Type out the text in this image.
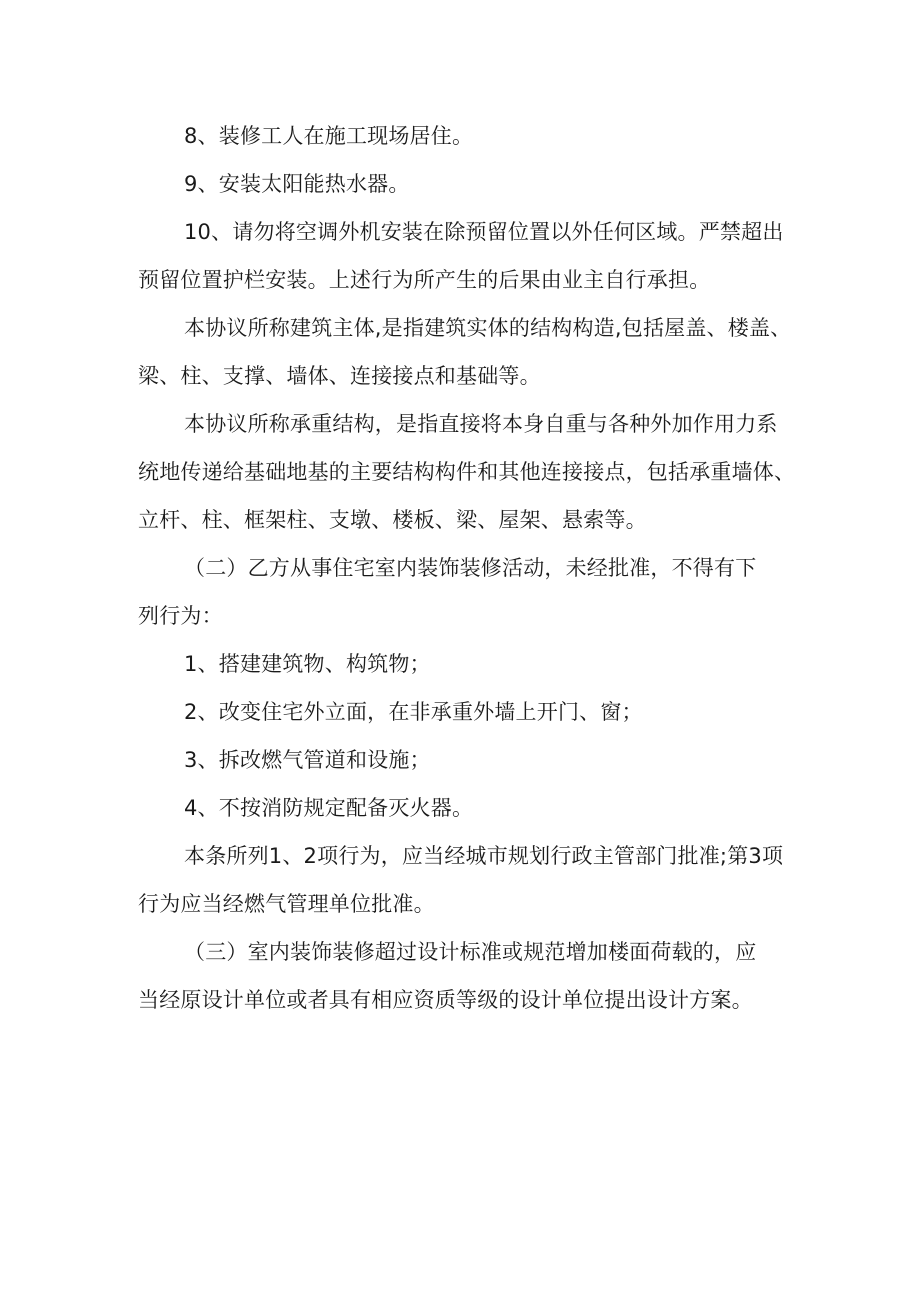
8、装修工人在施工现场居住。
9、安装太阳能热水器。
10、请勿将空调外机安装在除预留位置以外任何区域。严禁超出
预留位置护栏安装。上述行为所产生的后果由业主自行承担。
本协议所称建筑主体,是指建筑实体的结构构造,包括屋盖、楼盖、
梁、柱、支撑、墙体、连接接点和基础等。
本协议所称承重结构，是指直接将本身自重与各种外加作用力系
统地传递给基础地基的主要结构构件和其他连接接点，包括承重墙体、
立杆、柱、框架柱、支墩、楼板、梁、屋架、悬索等。
（二）乙方从事住宅室内装饰装修活动，未经批准，不得有下
列行为：
1、搭建建筑物、构筑物；
2、改变住宅外立面，在非承重外墙上开门、窗；
3、拆改燃气管道和设施；
4、不按消防规定配备灭火器。
本条所列1、2项行为，应当经城市规划行政主管部门批准;第3项
行为应当经燃气管理单位批准。
（三）室内装饰装修超过设计标准或规范增加楼面荷载的，应
当经原设计单位或者具有相应资质等级的设计单位提出设计方案。
